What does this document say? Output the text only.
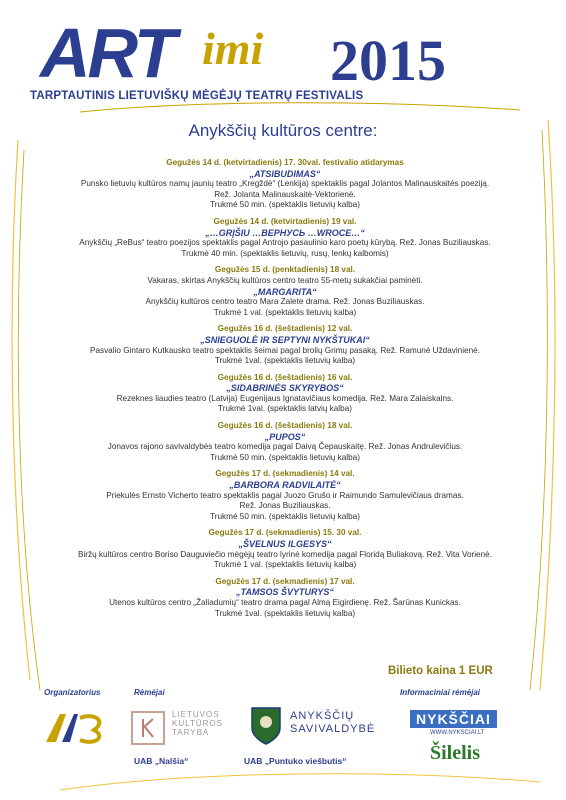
ART imi 2015
TARPTAUTINIS LIETUVIŠKŲ MĖGĖJŲ TEATRŲ FESTIVALIS
Anykščių kultūros centre:
Gegužės 14 d. (ketvirtadienis) 17. 30val. festivalio atidarymas
„ATSIBUDIMAS“
Punsko lietuvių kultūros namų jaunių teatro „Kregždė“ (Lenkija) spektaklis pagal Jolantos Malinauskaitės poeziją.
Rež. Jolanta Malinauskaitė-Vektorienė.
Trukmė 50 min. (spektaklis lietuvių kalba)
Gegužės 14 d. (ketvirtadienis) 19 val.
„…GRĮŠIU …ВЕРНУСЬ …WROCE…“
Anykščių „ReBus“ teatro poezijos spektaklis pagal Antrojo pasaulinio karo poetų kūrybą. Rež. Jonas Buziliauskas.
Trukmė 40 min. (spektaklis lietuvių, rusų, lenkų kalbomis)
Gegužės 15 d. (penktadienis) 18 val.
Vakaras, skirtas Anykščių kultūros centro teatro 55-metų sukakčiai paminėti.
„MARGARITA“
Anykščių kultūros centro teatro Mara Zalete drama. Rež. Jonas Buziliauskas.
Trukmė 1 val. (spektaklis lietuvių kalba)
Gegužės 16 d. (šeštadienis) 12 val.
„SNIEGUOLĖ IR SEPTYNI NYKŠTUKAI“
Pasvalio Gintaro Kutkausko teatro spektaklis šeimai pagal brolių Grimų pasaką. Rež. Ramunė Uždavinienė.
Trukmė 1val. (spektaklis lietuvių kalba)
Gegužės 16 d. (šeštadienis) 16 val.
„SIDABRINĖS SKYRYBOS“
Rezeknes liaudies teatro (Latvija) Eugenijaus Ignatavičiaus komedija. Rež. Mara Zalaiskalns.
Trukmė 1val. (spektaklis latvių kalba)
Gegužės 16 d. (šeštadienis) 18 val.
„PUPOS“
Jonavos rajono savivaldybės teatro komedija pagal Daivą Čepauskaitę. Rež. Jonas Andrulevičius.
Trukmė 50 min. (spektaklis lietuvių kalba)
Gegužės 17 d. (sekmadienis) 14 val.
„BARBORA RADVILAITĖ“
Priekulės Ernsto Vicherto teatro spektaklis pagal Juozo Grušo ir Raimundo Samulevičiaus dramas.
Rež. Jonas Buziliauskas.
Trukmė 50 min. (spektaklis lietuvių kalba)
Gegužės 17 d. (sekmadienis) 15. 30 val.
„ŠVELNUS ILGESYS“
Biržų kultūros centro Boriso Dauguviečio mėgėjų teatro lyrinė komedija pagal Floridą Buliakovą. Rež. Vita Vorienė.
Trukmė 1 val. (spektaklis lietuvių kalba)
Gegužės 17 d. (sekmadienis) 17 val.
„TAMSOS ŠVYTURYS“
Utenos kultūros centro „Žaliadumių“ teatro drama pagal Almą Eigirdienę. Rež. Šarūnas Kunickas.
Trukmė 1val. (spektaklis lietuvių kalba)
Bilieto kaina 1 EUR
Organizatorius	Rėmėjai	Informaciniai rėmėjai
LIETUVOS KULTŪROS TARYBA
ANYKŠČIŲ SAVIVALDYBĖ
NYKŠČIAI
WWW.NYKSCIAI.LT
Šilelis
UAB „Nalšia“	UAB „Puntuko viešbutis“
